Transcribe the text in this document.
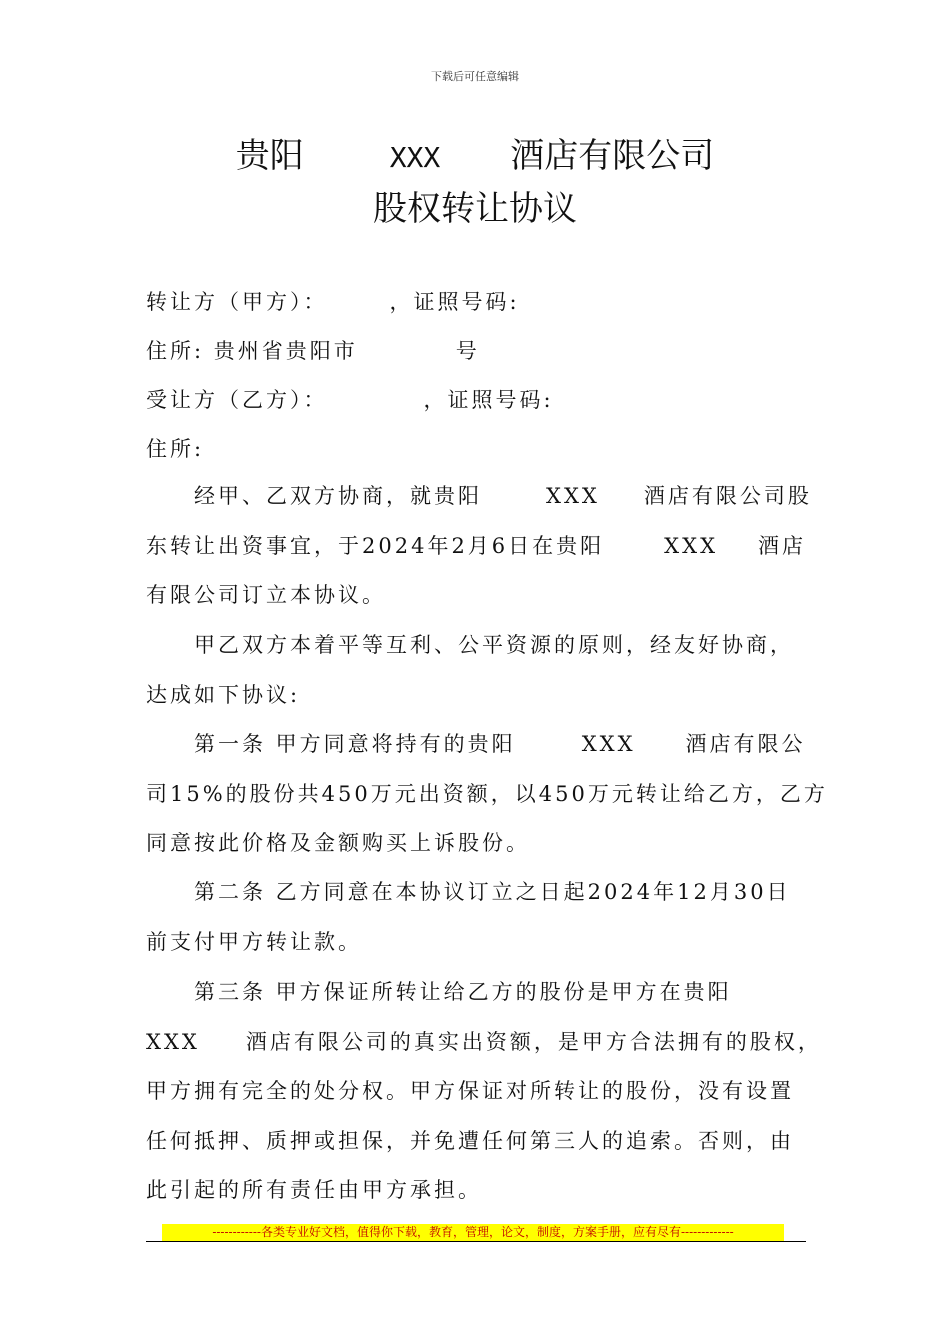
下载后可任意编辑
贵阳	XXX 酒店有限公司
股权转让协议
转让方（甲方）：	，证照号码:
住所: 贵州省贵阳市	号
受让方（乙方）：	，证照号码:
住所:
经甲、乙双方协商，就贵阳	XXX 酒店有限公司股
东转让出资事宜，于2024年2月6日在贵阳	XXX 酒店
有限公司订立本协议。
甲乙双方本着平等互利、公平资源的原则，经友好协商，
达成如下协议:
第一条 甲方同意将持有的贵阳	XXX 酒店有限公
司15%的股份共450万元出资额，以450万元转让给乙方，乙方
同意按此价格及金额购买上诉股份。
第二条 乙方同意在本协议订立之日起2024年12月30日
前支付甲方转让款。
第三条 甲方保证所转让给乙方的股份是甲方在贵阳
XXX 酒店有限公司的真实出资额，是甲方合法拥有的股权，
甲方拥有完全的处分权。甲方保证对所转让的股份，没有设置
任何抵押、质押或担保，并免遭任何第三人的追索。否则，由
此引起的所有责任由甲方承担。
------------各类专业好文档，值得你下载，教育，管理，论文，制度，方案手册，应有尽有-------------
